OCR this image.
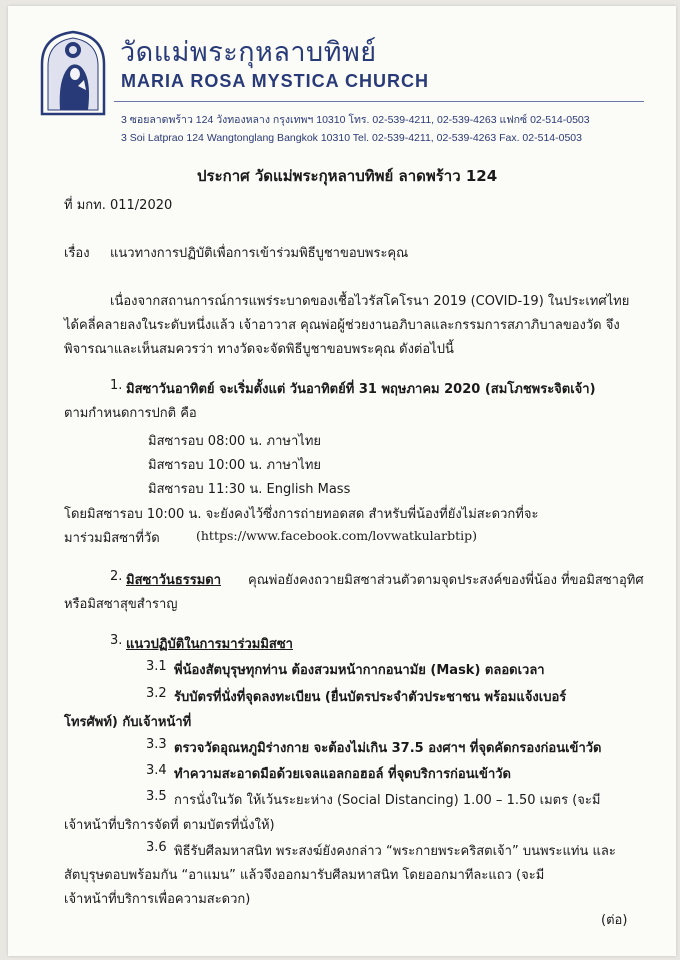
วัดแม่พระกุหลาบทิพย์
MARIA ROSA MYSTICA CHURCH
3 ซอยลาดพร้าว 124 วังทองหลาง กรุงเทพฯ 10310 โทร. 02-539-4211, 02-539-4263 แฟกซ์ 02-514-0503
3 Soi Latprao 124 Wangtonglang Bangkok 10310 Tel. 02-539-4211, 02-539-4263 Fax. 02-514-0503
ประกาศ วัดแม่พระกุหลาบทิพย์ ลาดพร้าว 124
ที่ มกท. 011/2020
เรื่อง แนวทางการปฏิบัติเพื่อการเข้าร่วมพิธีบูชาขอบพระคุณ
เนื่องจากสถานการณ์การแพร่ระบาดของเชื้อไวรัสโคโรนา 2019 (COVID-19) ในประเทศไทย
ได้คลี่คลายลงในระดับหนึ่งแล้ว เจ้าอาวาส คุณพ่อผู้ช่วยงานอภิบาลและกรรมการสภาภิบาลของวัด จึง
พิจารณาและเห็นสมควรว่า ทางวัดจะจัดพิธีบูชาขอบพระคุณ ดังต่อไปนี้
1. มิสซาวันอาทิตย์ จะเริ่มตั้งแต่ วันอาทิตย์ที่ 31 พฤษภาคม 2020 (สมโภชพระจิตเจ้า)
ตามกำหนดการปกติ คือ
มิสซารอบ 08:00 น. ภาษาไทย
มิสซารอบ 10:00 น. ภาษาไทย
มิสซารอบ 11:30 น. English Mass
โดยมิสซารอบ 10:00 น. จะยังคงไว้ซึ่งการถ่ายทอดสด สำหรับพี่น้องที่ยังไม่สะดวกที่จะ
มาร่วมมิสซาที่วัด	(https://www.facebook.com/lovwatkularbtip)
2. มิสซาวันธรรมดา คุณพ่อยังคงถวายมิสซาส่วนตัวตามจุดประสงค์ของพี่น้อง ที่ขอมิสซาอุทิศ
หรือมิสซาสุขสำราญ
3. แนวปฏิบัติในการมาร่วมมิสซา
3.1 พี่น้องสัตบุรุษทุกท่าน ต้องสวมหน้ากากอนามัย (Mask) ตลอดเวลา
3.2 รับบัตรที่นั่งที่จุดลงทะเบียน (ยื่นบัตรประจำตัวประชาชน พร้อมแจ้งเบอร์
โทรศัพท์) กับเจ้าหน้าที่
3.3 ตรวจวัดอุณหภูมิร่างกาย จะต้องไม่เกิน 37.5 องศาฯ ที่จุดคัดกรองก่อนเข้าวัด
3.4 ทำความสะอาดมือด้วยเจลแอลกอฮอล์ ที่จุดบริการก่อนเข้าวัด
3.5 การนั่งในวัด ให้เว้นระยะห่าง (Social Distancing) 1.00 – 1.50 เมตร (จะมี
เจ้าหน้าที่บริการจัดที่ ตามบัตรที่นั่งให้)
3.6 พิธีรับศีลมหาสนิท พระสงฆ์ยังคงกล่าว “พระกายพระคริสตเจ้า” บนพระแท่น และ
สัตบุรุษตอบพร้อมกัน “อาแมน” แล้วจึงออกมารับศีลมหาสนิท โดยออกมาทีละแถว (จะมี
เจ้าหน้าที่บริการเพื่อความสะดวก)
(ต่อ)
